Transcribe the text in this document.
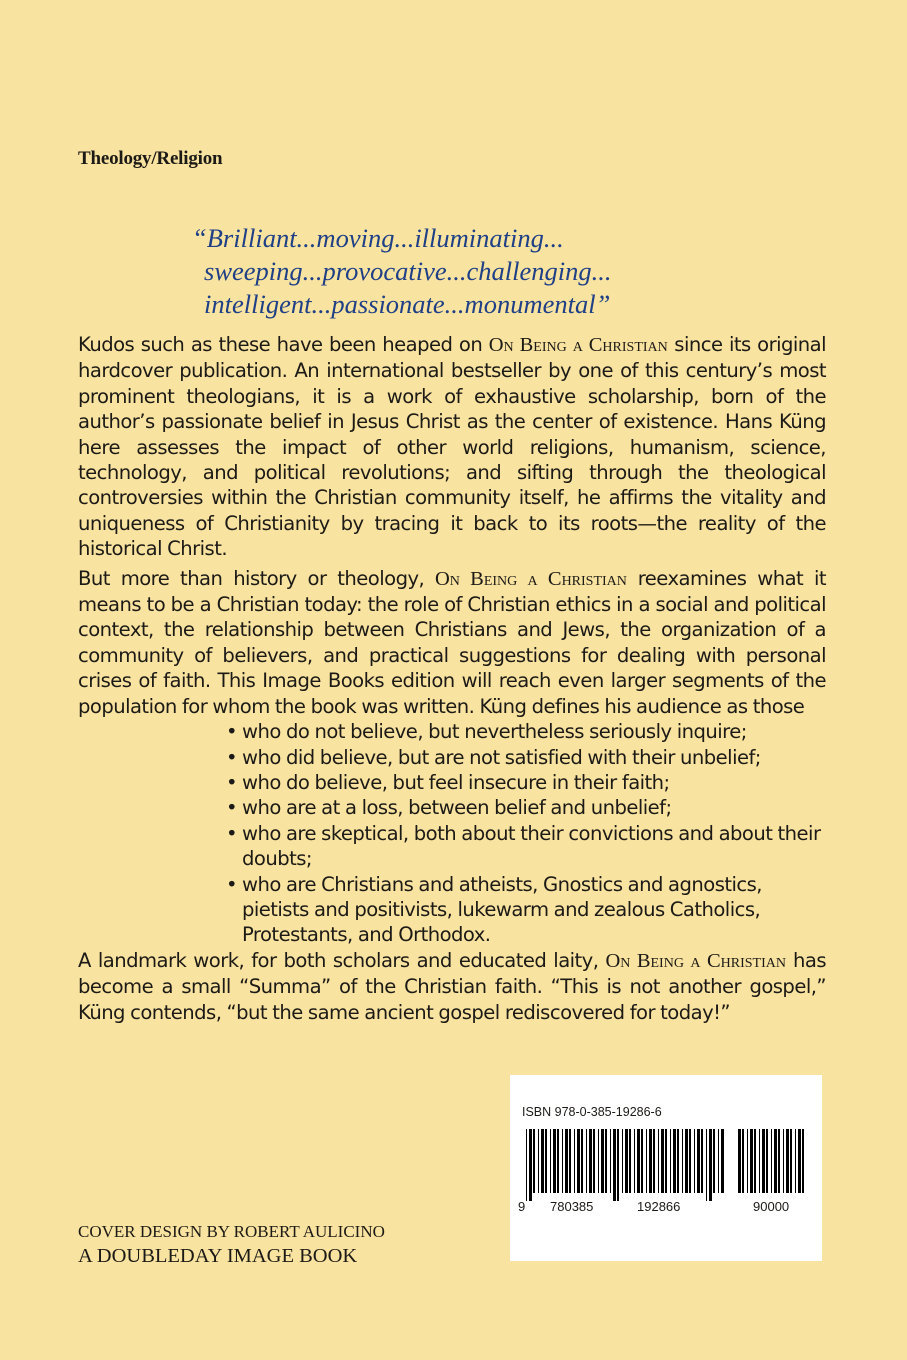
Theology/Religion
“Brilliant...moving...illuminating...
sweeping...provocative...challenging...
intelligent...passionate...monumental”

Kudos such as these have been heaped on On Being a Christian since its original hardcover publication. An international bestseller by one of this century’s most prominent theologians, it is a work of exhaustive scholarship, born of the author’s passionate belief in Jesus Christ as the center of existence. Hans Küng here assesses the impact of other world religions, humanism, science, technology, and political revolutions; and sifting through the theological controversies within the Christian community itself, he affirms the vitality and uniqueness of Christianity by tracing it back to its roots—the reality of the historical Christ.

But more than history or theology, On Being a Christian reexamines what it means to be a Christian today: the role of Christian ethics in a social and political context, the relationship between Christians and Jews, the organization of a community of believers, and practical suggestions for dealing with personal crises of faith. This Image Books edition will reach even larger segments of the population for whom the book was written. Küng defines his audience as those

• who do not believe, but nevertheless seriously inquire;
• who did believe, but are not satisfied with their unbelief;
• who do believe, but feel insecure in their faith;
• who are at a loss, between belief and unbelief;
• who are skeptical, both about their convictions and about their doubts;
• who are Christians and atheists, Gnostics and agnostics, pietists and positivists, lukewarm and zealous Catholics, Protestants, and Orthodox.

A landmark work, for both scholars and educated laity, On Being a Christian has become a small “Summa” of the Christian faith. “This is not another gospel,” Küng contends, “but the same ancient gospel rediscovered for today!”

COVER DESIGN BY ROBERT AULICINO
A DOUBLEDAY IMAGE BOOK
ISBN 978-0-385-19286-6
9 780385	192866	90000
